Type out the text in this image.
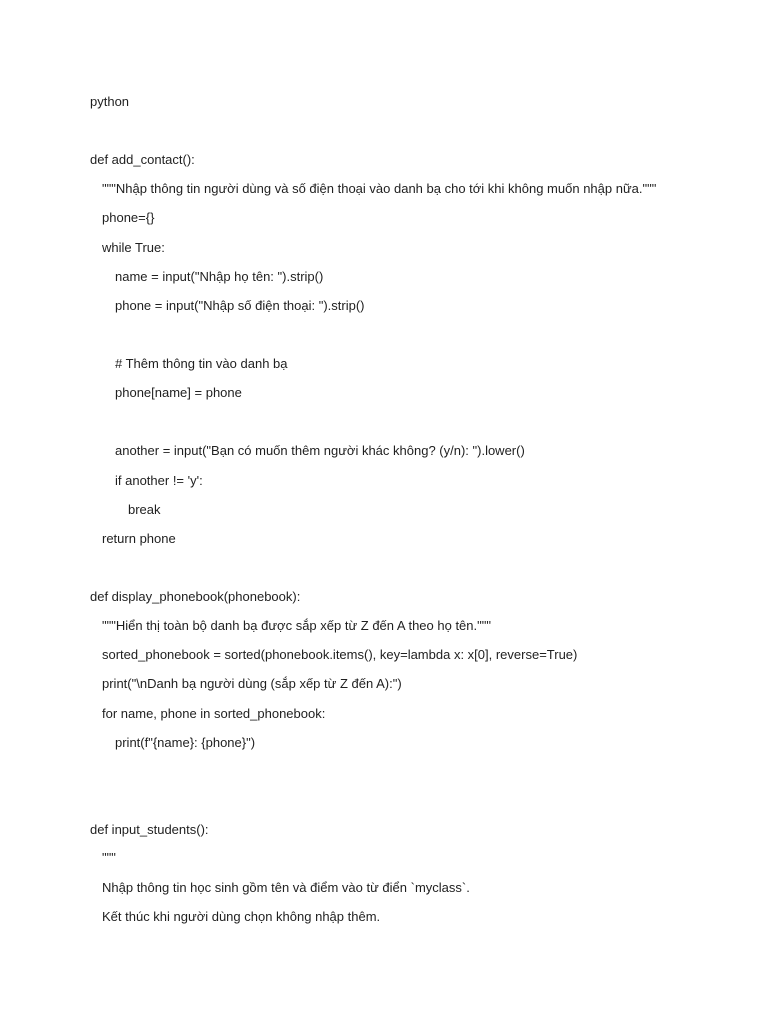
python
def add_contact():
"""Nhập thông tin người dùng và số điện thoại vào danh bạ cho tới khi không muốn nhập nữa."""
phone={}
while True:
name = input("Nhập họ tên: ").strip()
phone = input("Nhập số điện thoại: ").strip()
# Thêm thông tin vào danh bạ
phone[name] = phone
another = input("Bạn có muốn thêm người khác không? (y/n): ").lower()
if another != 'y':
break
return phone
def display_phonebook(phonebook):
"""Hiển thị toàn bộ danh bạ được sắp xếp từ Z đến A theo họ tên."""
sorted_phonebook = sorted(phonebook.items(), key=lambda x: x[0], reverse=True)
print("\nDanh bạ người dùng (sắp xếp từ Z đến A):")
for name, phone in sorted_phonebook:
print(f"{name}: {phone}")
def input_students():
"""
Nhập thông tin học sinh gồm tên và điểm vào từ điển `myclass`.
Kết thúc khi người dùng chọn không nhập thêm.
